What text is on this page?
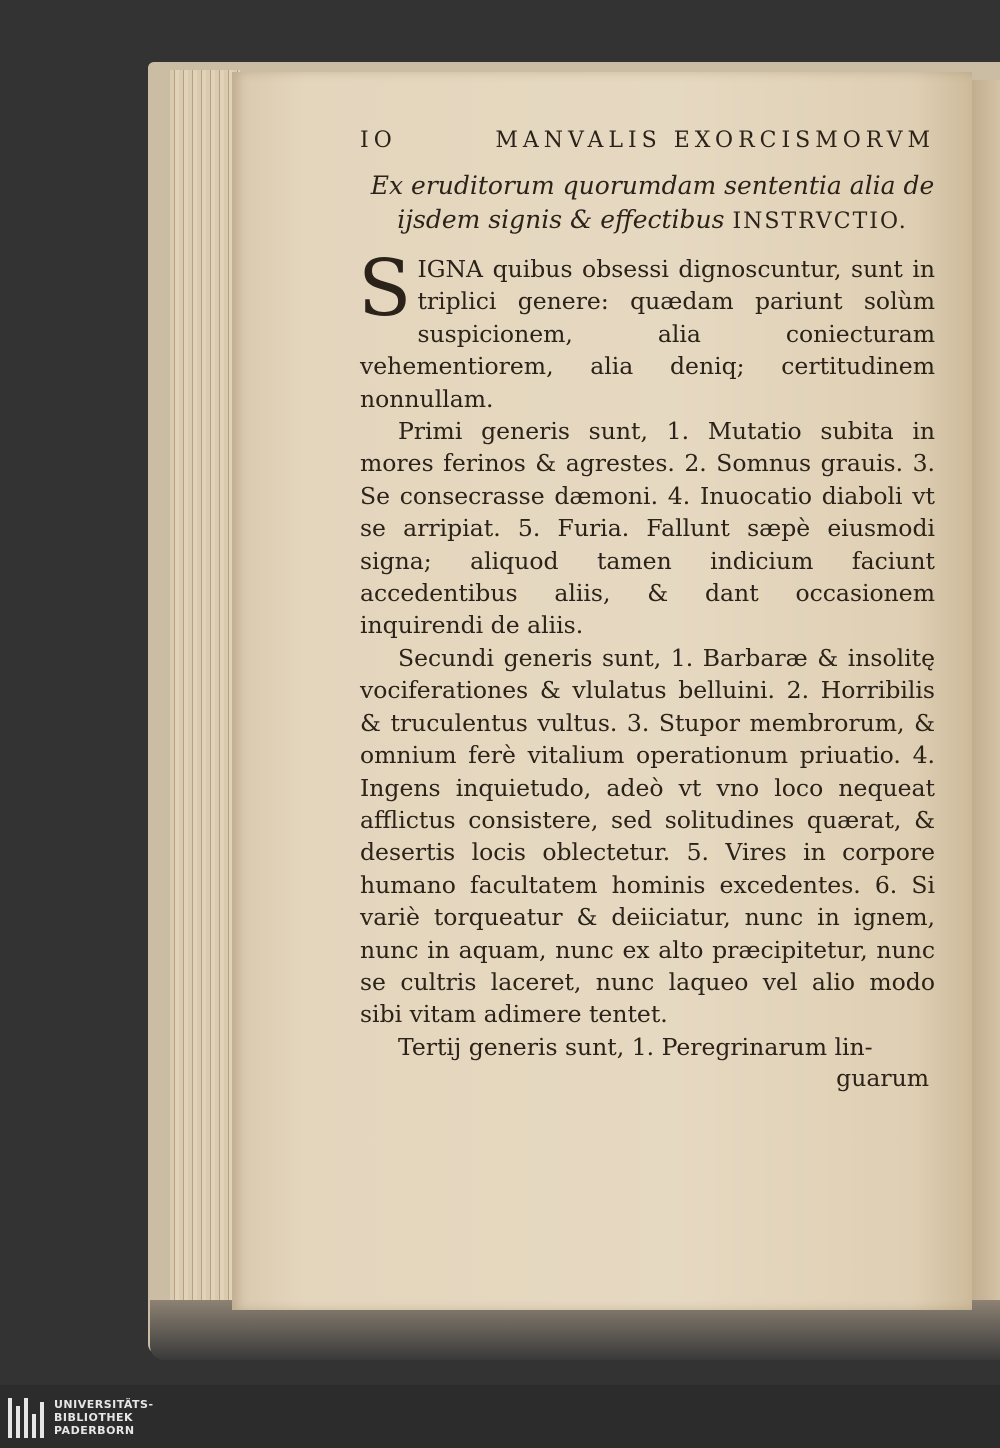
IO	MANVALIS EXORCISMORVM
Ex eruditorum quorumdam sententia alia de
ijsdem signis & effectibus INSTRVCTIO.

SIGNA quibus obsessi dignoscuntur, sunt in triplici genere: quædam pariunt solùm suspicionem, alia coniecturam vehementiorem, alia deniq; certitudinem nonnullam.

Primi generis sunt, 1. Mutatio subita in mores ferinos & agrestes. 2. Somnus grauis. 3. Se consecrasse dæmoni. 4. Inuocatio diaboli vt se arripiat. 5. Furia. Fallunt sæpè eiusmodi signa; aliquod tamen indicium faciunt accedentibus aliis, & dant occasionem inquirendi de aliis.

Secundi generis sunt, 1. Barbaræ & insolitę vociferationes & vlulatus belluini. 2. Horribilis & truculentus vultus. 3. Stupor membrorum, & omnium ferè vitalium operationum priuatio. 4. Ingens inquietudo, adeò vt vno loco nequeat afflictus consistere, sed solitudines quærat, & desertis locis oblectetur. 5. Vires in corpore humano facultatem hominis excedentes. 6. Si variè torqueatur & deiiciatur, nunc in ignem, nunc in aquam, nunc ex alto præcipitetur, nunc se cultris laceret, nunc laqueo vel alio modo sibi vitam adimere tentet.

Tertij generis sunt, 1. Peregrinarum lin-

guarum
UNIVERSITÄTS-
BIBLIOTHEK
PADERBORN
